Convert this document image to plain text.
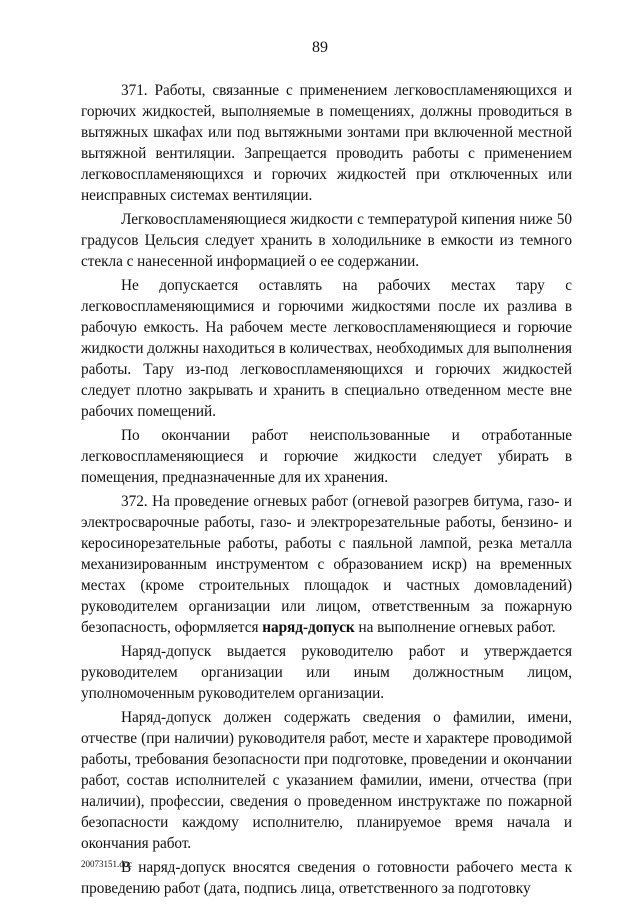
89

371. Работы, связанные с применением легковоспламеняющихся и горючих жидкостей, выполняемые в помещениях, должны проводиться в вытяжных шкафах или под вытяжными зонтами при включенной местной вытяжной вентиляции. Запрещается проводить работы с применением легковоспламеняющихся и горючих жидкостей при отключенных или неисправных системах вентиляции.

Легковоспламеняющиеся жидкости с температурой кипения ниже 50 градусов Цельсия следует хранить в холодильнике в емкости из темного стекла с нанесенной информацией о ее содержании.

Не допускается оставлять на рабочих местах тару с легковоспламеняющимися и горючими жидкостями после их разлива в рабочую емкость. На рабочем месте легковоспламеняющиеся и горючие жидкости должны находиться в количествах, необходимых для выполнения работы. Тару из-под легковоспламеняющихся и горючих жидкостей следует плотно закрывать и хранить в специально отведенном месте вне рабочих помещений.

По окончании работ неиспользованные и отработанные легковоспламеняющиеся и горючие жидкости следует убирать в помещения, предназначенные для их хранения.

372. На проведение огневых работ (огневой разогрев битума, газо- и электросварочные работы, газо- и электрорезательные работы, бензино- и керосинорезательные работы, работы с паяльной лампой, резка металла механизированным инструментом с образованием искр) на временных местах (кроме строительных площадок и частных домовладений) руководителем организации или лицом, ответственным за пожарную безопасность, оформляется наряд-допуск на выполнение огневых работ.

Наряд-допуск выдается руководителю работ и утверждается руководителем организации или иным должностным лицом, уполномоченным руководителем организации.

Наряд-допуск должен содержать сведения о фамилии, имени, отчестве (при наличии) руководителя работ, месте и характере проводимой работы, требования безопасности при подготовке, проведении и окончании работ, состав исполнителей с указанием фамилии, имени, отчества (при наличии), профессии, сведения о проведенном инструктаже по пожарной безопасности каждому исполнителю, планируемое время начала и окончания работ.

В наряд-допуск вносятся сведения о готовности рабочего места к проведению работ (дата, подпись лица, ответственного за подготовку

20073151.doc
